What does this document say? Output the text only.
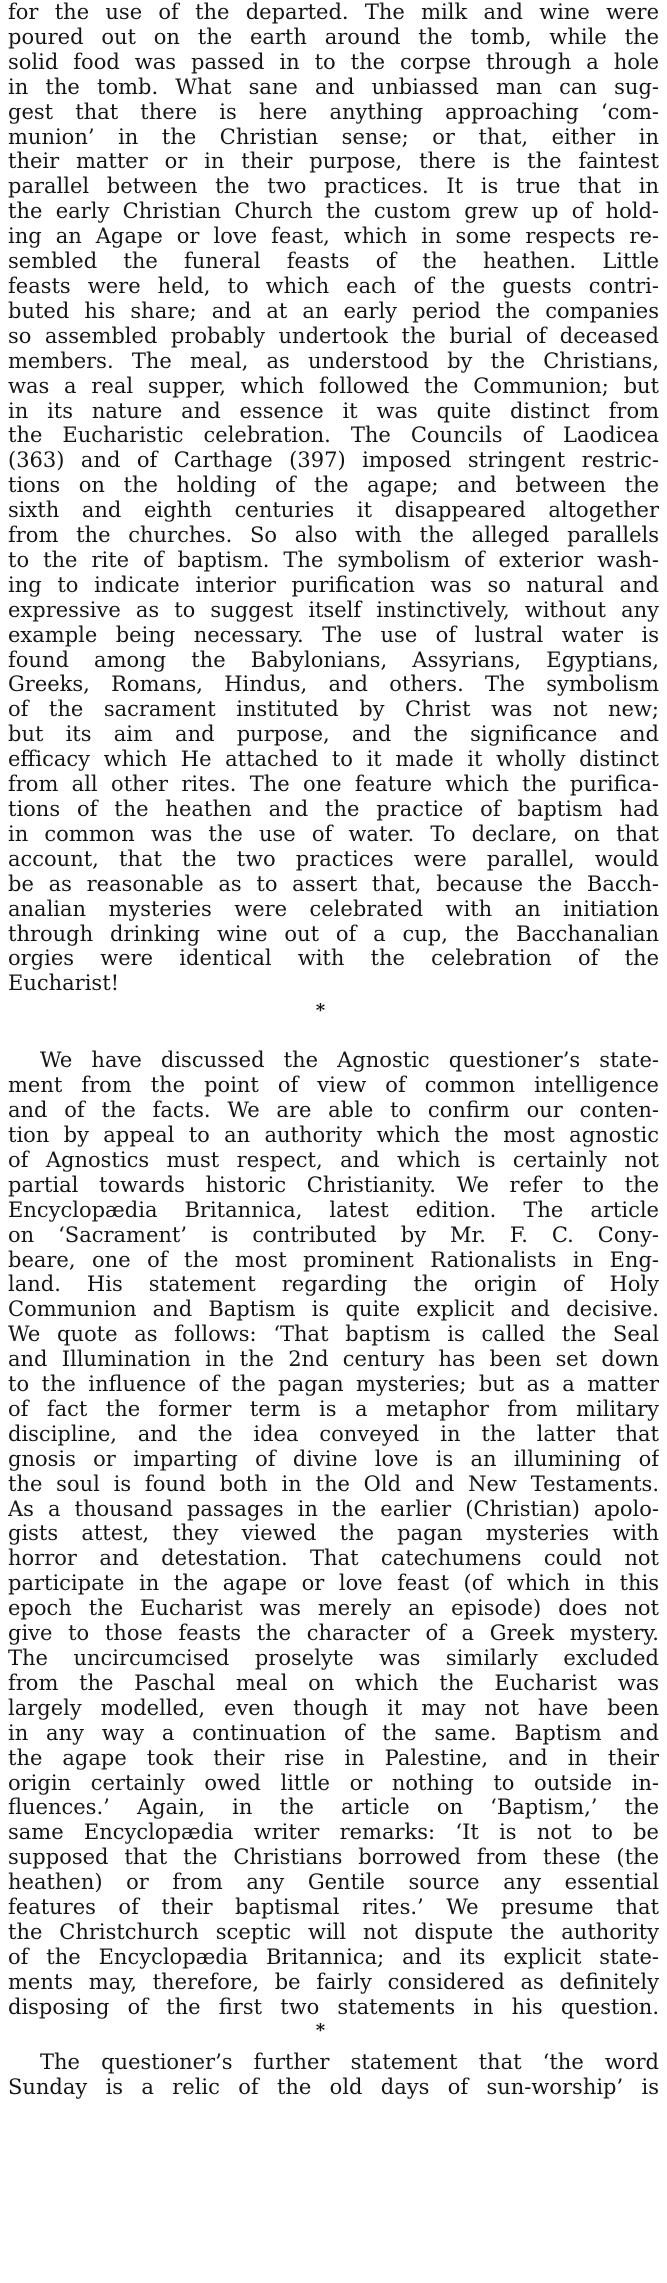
for the use of the departed. The milk and wine were
poured out on the earth around the tomb, while the
solid food was passed in to the corpse through a hole
in the tomb. What sane and unbiassed man can sug-
gest that there is here anything approaching ‘com-
munion’ in the Christian sense; or that, either in
their matter or in their purpose, there is the faintest
parallel between the two practices. It is true that in
the early Christian Church the custom grew up of hold-
ing an Agape or love feast, which in some respects re-
sembled the funeral feasts of the heathen. Little
feasts were held, to which each of the guests contri-
buted his share; and at an early period the companies
so assembled probably undertook the burial of deceased
members. The meal, as understood by the Christians,
was a real supper, which followed the Communion; but
in its nature and essence it was quite distinct from
the Eucharistic celebration. The Councils of Laodicea
(363) and of Carthage (397) imposed stringent restric-
tions on the holding of the agape; and between the
sixth and eighth centuries it disappeared altogether
from the churches. So also with the alleged parallels
to the rite of baptism. The symbolism of exterior wash-
ing to indicate interior purification was so natural and
expressive as to suggest itself instinctively, without any
example being necessary. The use of lustral water is
found among the Babylonians, Assyrians, Egyptians,
Greeks, Romans, Hindus, and others. The symbolism
of the sacrament instituted by Christ was not new;
but its aim and purpose, and the significance and
efficacy which He attached to it made it wholly distinct
from all other rites. The one feature which the purifica-
tions of the heathen and the practice of baptism had
in common was the use of water. To declare, on that
account, that the two practices were parallel, would
be as reasonable as to assert that, because the Bacch-
analian mysteries were celebrated with an initiation
through drinking wine out of a cup, the Bacchanalian
orgies were identical with the celebration of the
Eucharist!
*
We have discussed the Agnostic questioner’s state-
ment from the point of view of common intelligence
and of the facts. We are able to confirm our conten-
tion by appeal to an authority which the most agnostic
of Agnostics must respect, and which is certainly not
partial towards historic Christianity. We refer to the
Encyclopædia Britannica, latest edition. The article
on ‘Sacrament’ is contributed by Mr. F. C. Cony-
beare, one of the most prominent Rationalists in Eng-
land. His statement regarding the origin of Holy
Communion and Baptism is quite explicit and decisive.
We quote as follows: ‘That baptism is called the Seal
and Illumination in the 2nd century has been set down
to the influence of the pagan mysteries; but as a matter
of fact the former term is a metaphor from military
discipline, and the idea conveyed in the latter that
gnosis or imparting of divine love is an illumining of
the soul is found both in the Old and New Testaments.
As a thousand passages in the earlier (Christian) apolo-
gists attest, they viewed the pagan mysteries with
horror and detestation. That catechumens could not
participate in the agape or love feast (of which in this
epoch the Eucharist was merely an episode) does not
give to those feasts the character of a Greek mystery.
The uncircumcised proselyte was similarly excluded
from the Paschal meal on which the Eucharist was
largely modelled, even though it may not have been
in any way a continuation of the same. Baptism and
the agape took their rise in Palestine, and in their
origin certainly owed little or nothing to outside in-
fluences.’ Again, in the article on ‘Baptism,’ the
same Encyclopædia writer remarks: ‘It is not to be
supposed that the Christians borrowed from these (the
heathen) or from any Gentile source any essential
features of their baptismal rites.’ We presume that
the Christchurch sceptic will not dispute the authority
of the Encyclopædia Britannica; and its explicit state-
ments may, therefore, be fairly considered as definitely
disposing of the first two statements in his question.
*
The questioner’s further statement that ‘the word
Sunday is a relic of the old days of sun-worship’ is
